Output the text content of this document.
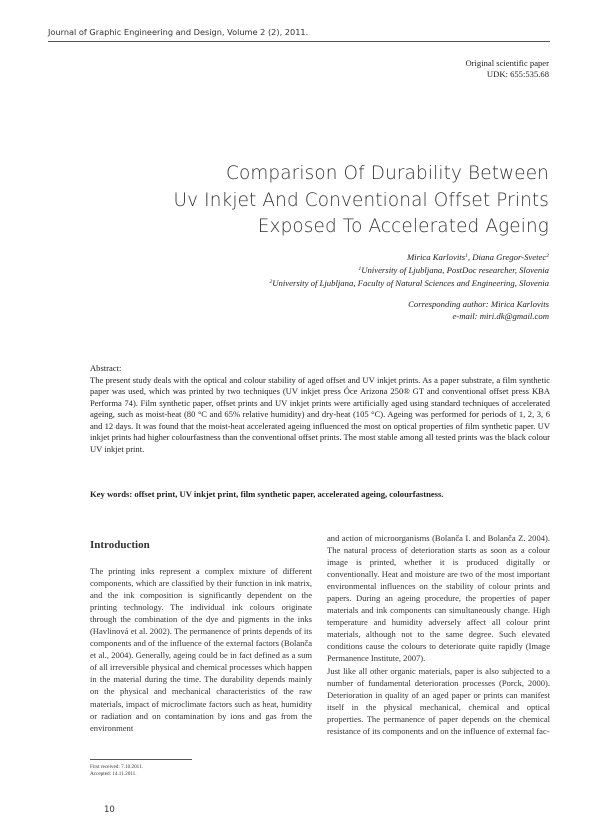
Journal of Graphic Engineering and Design, Volume 2 (2), 2011.
Original scientific paper
UDK: 655:535.68
Comparison Of Durability Between
Uv Inkjet And Conventional Offset Prints
Exposed To Accelerated Ageing
Mirica Karlovits$^1$, Diana Gregor-Svetec$^2$
$^1$University of Ljubljana, PostDoc researcher, Slovenia
$^2$University of Ljubljana, Faculty of Natural Sciences and Engineering, Slovenia
Corresponding author: Mirica Karlovits
e-mail: miri.dk@gmail.com
Abstract:
The present study deals with the optical and colour stability of aged offset and UV inkjet prints. As a paper substrate, a film synthetic paper was used, which was printed by two techniques (UV inkjet press Óce Arizona 250® GT and conventional offset press KBA Performa 74). Film synthetic paper, offset prints and UV inkjet prints were artificially aged using standard techniques of accelerated ageing, such as moist-heat (80 °C and 65% relative humidity) and dry-heat (105 °C). Ageing was performed for periods of 1, 2, 3, 6 and 12 days. It was found that the moist-heat accelerated ageing influenced the most on optical properties of film synthetic paper. UV inkjet prints had higher colourfastness than the conventional offset prints. The most stable among all tested prints was the black colour UV inkjet print.
Key words: offset print, UV inkjet print, film synthetic paper, accelerated ageing, colourfastness.
Introduction

The printing inks represent a complex mixture of different components, which are classified by their function in ink matrix, and the ink composition is significantly dependent on the printing technology. The individual ink colours originate through the combination of the dye and pigments in the inks (Havlinová et al. 2002). The permanence of prints depends of its components and of the influence of the external factors (Bolanča et al., 2004). Generally, ageing could be in fact defined as a sum of all irreversible physical and chemical processes which happen in the material during the time. The durability depends mainly on the physical and mechanical characteristics of the raw materials, impact of microclimate factors such as heat, humidity or radiation and on contamination by ions and gas from the environment

and action of microorganisms (Bolanča I. and Bolanča Z. 2004). The natural process of deterioration starts as soon as a colour image is printed, whether it is produced digitally or conventionally. Heat and moisture are two of the most important environmental influences on the stability of colour prints and papers. During an ageing procedure, the properties of paper materials and ink components can simultaneously change. High temperature and humidity adversely affect all colour print materials, although not to the same degree. Such elevated conditions cause the colours to deteriorate quite rapidly (Image Permanence Institute, 2007).

Just like all other organic materials, paper is also subjected to a number of fundamental deterioration processes (Porck, 2000). Deterioration in quality of an aged paper or prints can manifest itself in the physical mechanical, chemical and optical properties. The permanence of paper depends on the chemical resistance of its components and on the influence of external fac-

First received: 7.10.2011.
Accepted: 14.11.2011.
10
